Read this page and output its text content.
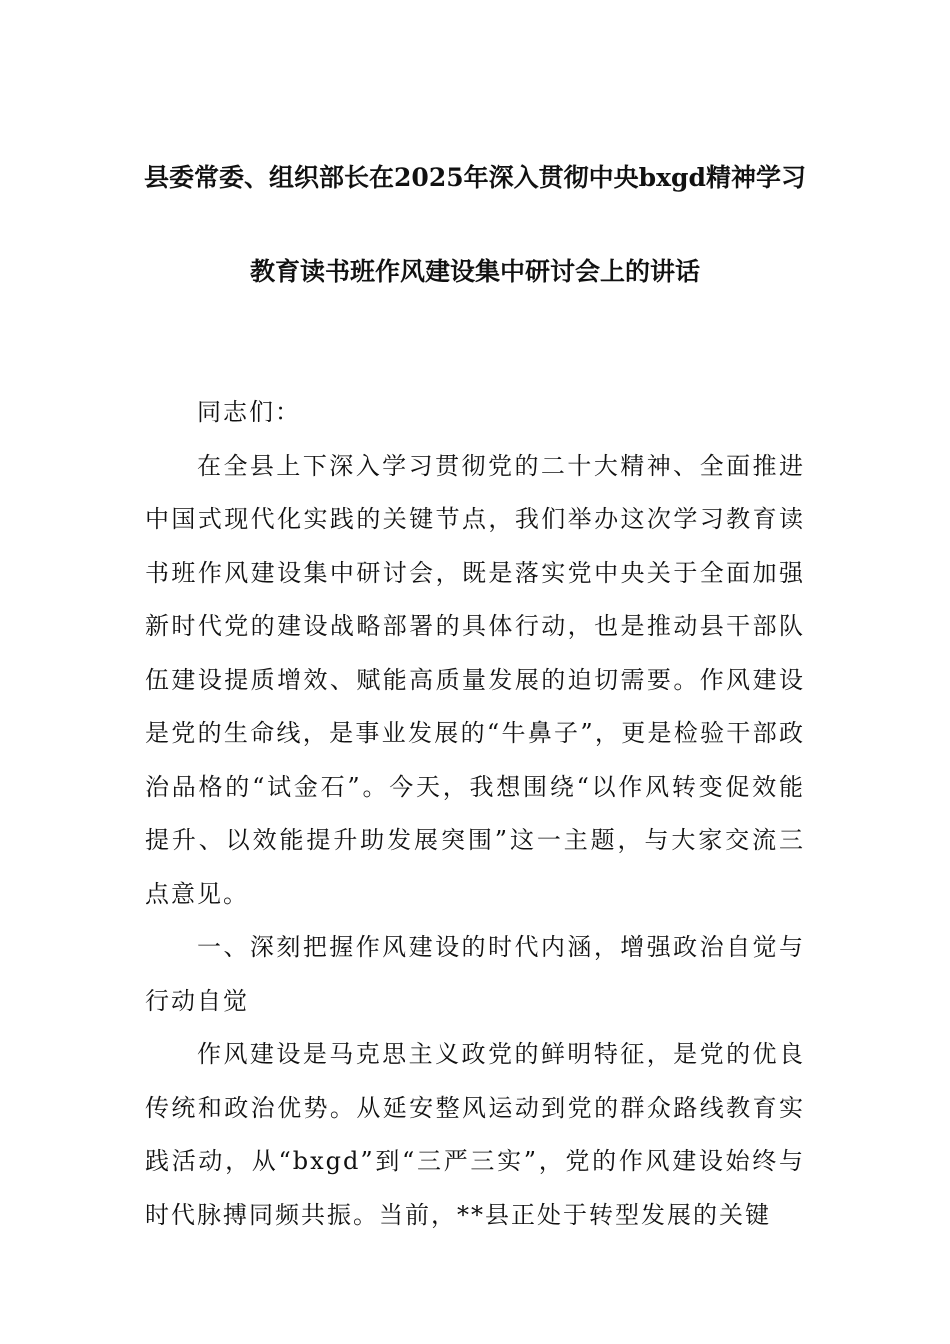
县委常委、组织部长在2025年深入贯彻中央bxgd精神学习
教育读书班作风建设集中研讨会上的讲话

同志们：

在全县上下深入学习贯彻党的二十大精神、全面推进中国式现代化实践的关键节点，我们举办这次学习教育读书班作风建设集中研讨会，既是落实党中央关于全面加强新时代党的建设战略部署的具体行动，也是推动县干部队伍建设提质增效、赋能高质量发展的迫切需要。作风建设是党的生命线，是事业发展的“牛鼻子”，更是检验干部政治品格的“试金石”。今天，我想围绕“以作风转变促效能提升、以效能提升助发展突围”这一主题，与大家交流三点意见。

一、深刻把握作风建设的时代内涵，增强政治自觉与行动自觉

作风建设是马克思主义政党的鲜明特征，是党的优良传统和政治优势。从延安整风运动到党的群众路线教育实践活动，从“bxgd”到“三严三实”，党的作风建设始终与时代脉搏同频共振。当前，**县正处于转型发展的关键
